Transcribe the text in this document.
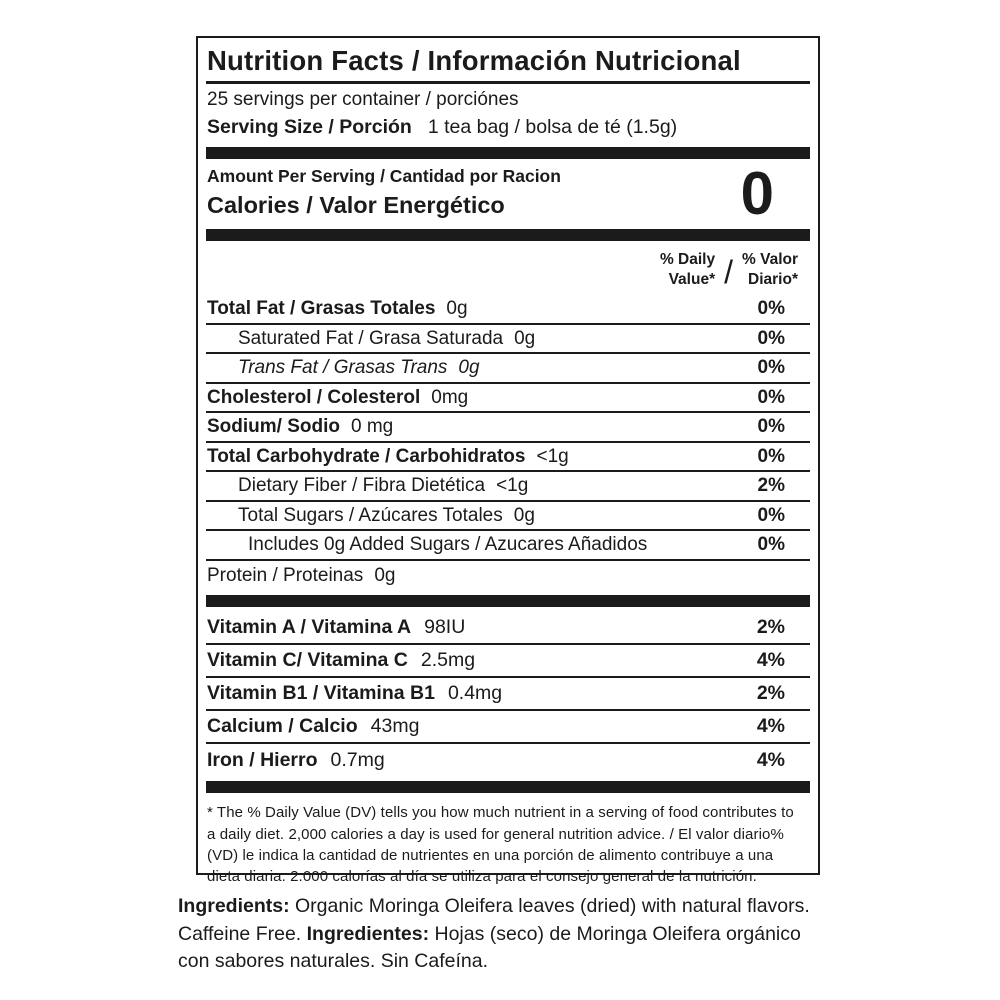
Nutrition Facts / Información Nutricional
25 servings per container / porciónes
Serving Size / Porción 1 tea bag / bolsa de té (1.5g)
Amount Per Serving / Cantidad por Racion
Calories / Valor Energético	0
% Daily
Value* / % Valor
Diario*
Total Fat / Grasas Totales 0g	0%
Saturated Fat / Grasa Saturada 0g	0%
Trans Fat / Grasas Trans 0g	0%
Cholesterol / Colesterol 0mg	0%
Sodium/ Sodio 0 mg	0%
Total Carbohydrate / Carbohidratos <1g	0%
Dietary Fiber / Fibra Dietética <1g	2%
Total Sugars / Azúcares Totales 0g	0%
Includes 0g Added Sugars / Azucares Añadidos	0%
Protein / Proteinas 0g
Vitamin A / Vitamina A 98IU	2%
Vitamin C/ Vitamina C 2.5mg	4%
Vitamin B1 / Vitamina B1 0.4mg	2%
Calcium / Calcio 43mg	4%
Iron / Hierro 0.7mg	4%
* The % Daily Value (DV) tells you how much nutrient in a serving of food contributes to a daily diet. 2,000 calories a day is used for general nutrition advice. / El valor diario% (VD) le indica la cantidad de nutrientes en una porción de alimento contribuye a una dieta diaria. 2.000 calorías al día se utiliza para el consejo general de la nutrición.
Ingredients: Organic Moringa Oleifera leaves (dried) with natural flavors. Caffeine Free. Ingredientes: Hojas (seco) de Moringa Oleifera orgánico con sabores naturales. Sin Cafeína.
